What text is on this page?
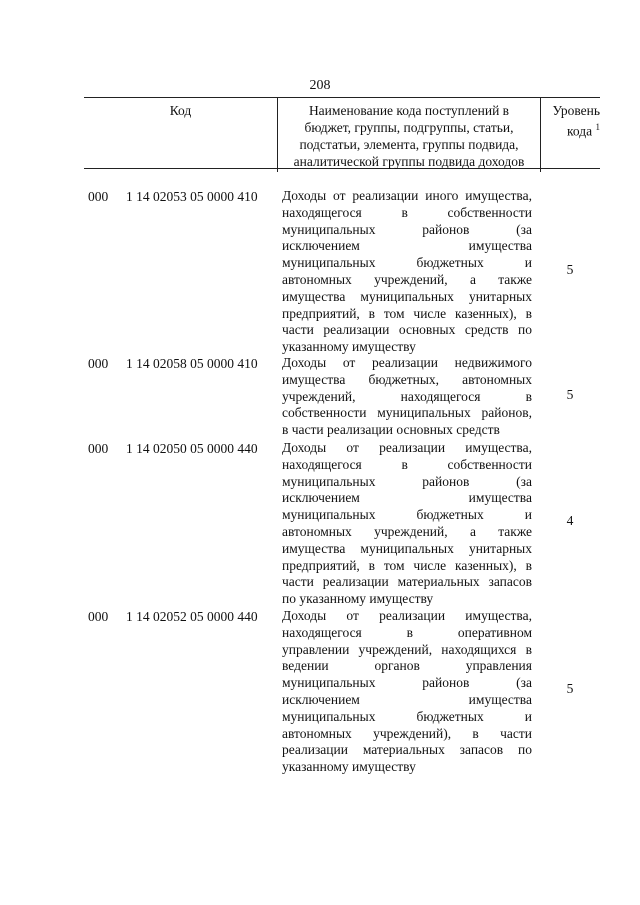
208
Код	Наименование кода поступлений в
бюджет, группы, подгруппы, статьи,
подстатьи, элемента, группы подвида,
аналитической группы подвида доходов
Уровень
кода $^1$
000 1 14 02053 05 0000 410 Доходы от реализации иного имущества,
находящегося в собственности
муниципальных районов (за
исключением имущества
муниципальных бюджетных и
автономных учреждений, а также
имущества муниципальных унитарных
предприятий, в том числе казенных), в
части реализации основных средств по
указанному имуществу
5
000 1 14 02058 05 0000 410 Доходы от реализации недвижимого
имущества бюджетных, автономных
учреждений, находящегося в
собственности муниципальных районов,
в части реализации основных средств
5
000 1 14 02050 05 0000 440 Доходы от реализации имущества,
находящегося в собственности
муниципальных районов (за
исключением имущества
муниципальных бюджетных и
автономных учреждений, а также
имущества муниципальных унитарных
предприятий, в том числе казенных), в
части реализации материальных запасов
по указанному имуществу
4
000 1 14 02052 05 0000 440 Доходы от реализации имущества,
находящегося в оперативном
управлении учреждений, находящихся в
ведении органов управления
муниципальных районов (за
исключением имущества
муниципальных бюджетных и
автономных учреждений), в части
реализации материальных запасов по
указанному имуществу
5
